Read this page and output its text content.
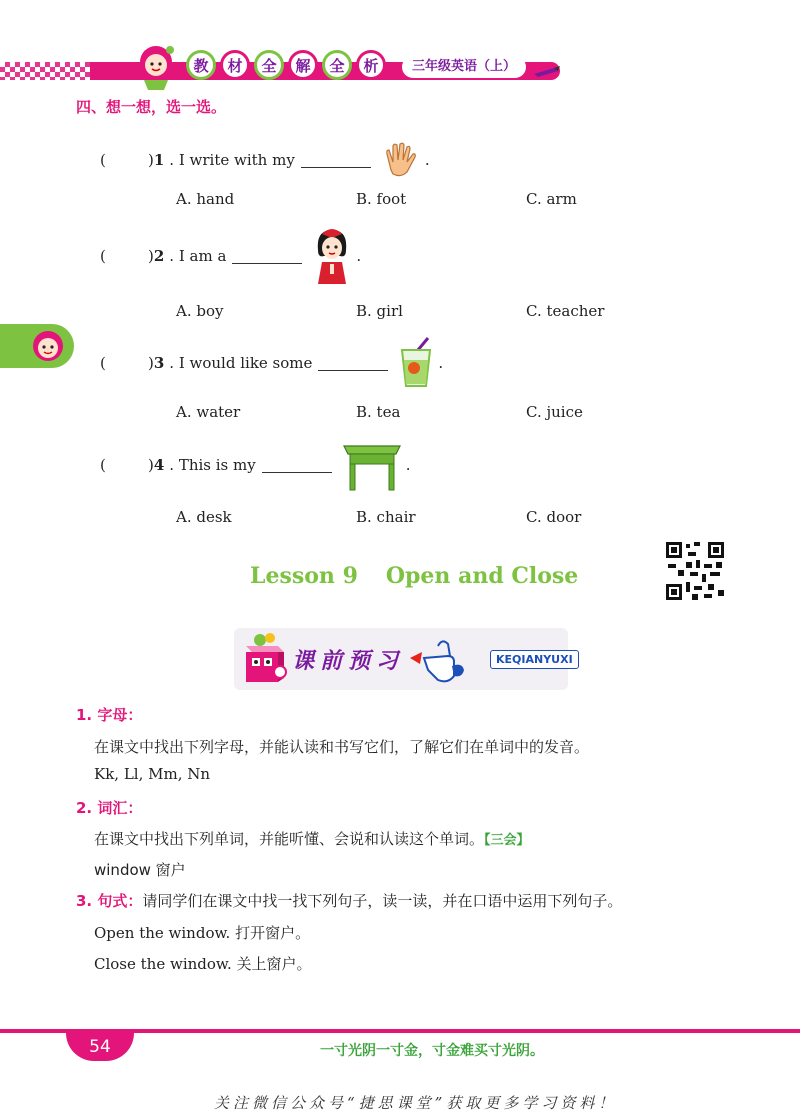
教	材	全	解	全	析	三年级英语（上）
四、想一想，选一选。
(	) 1 . I write with my	.
A. hand	B. foot	C. arm
(	) 2 . I am a	.
A. boy	B. girl	C. teacher
(	) 3 . I would like some	.
A. water	B. tea	C. juice
(	) 4 . This is my	.
A. desk	B. chair	C. door
Lesson 9 Open and Close
课前预习	KEQIANYUXI
1. 字母：
在课文中找出下列字母，并能认读和书写它们，了解它们在单词中的发音。
Kk, Ll, Mm, Nn
2. 词汇：
在课文中找出下列单词，并能听懂、会说和认读这个单词。【三会】
window 窗户
3. 句式：请同学们在课文中找一找下列句子，读一读，并在口语中运用下列句子。
Open the window. 打开窗户。
Close the window. 关上窗户。
54	一寸光阴一寸金，寸金难买寸光阴。
关注微信公众号“捷思课堂”获取更多学习资料！
